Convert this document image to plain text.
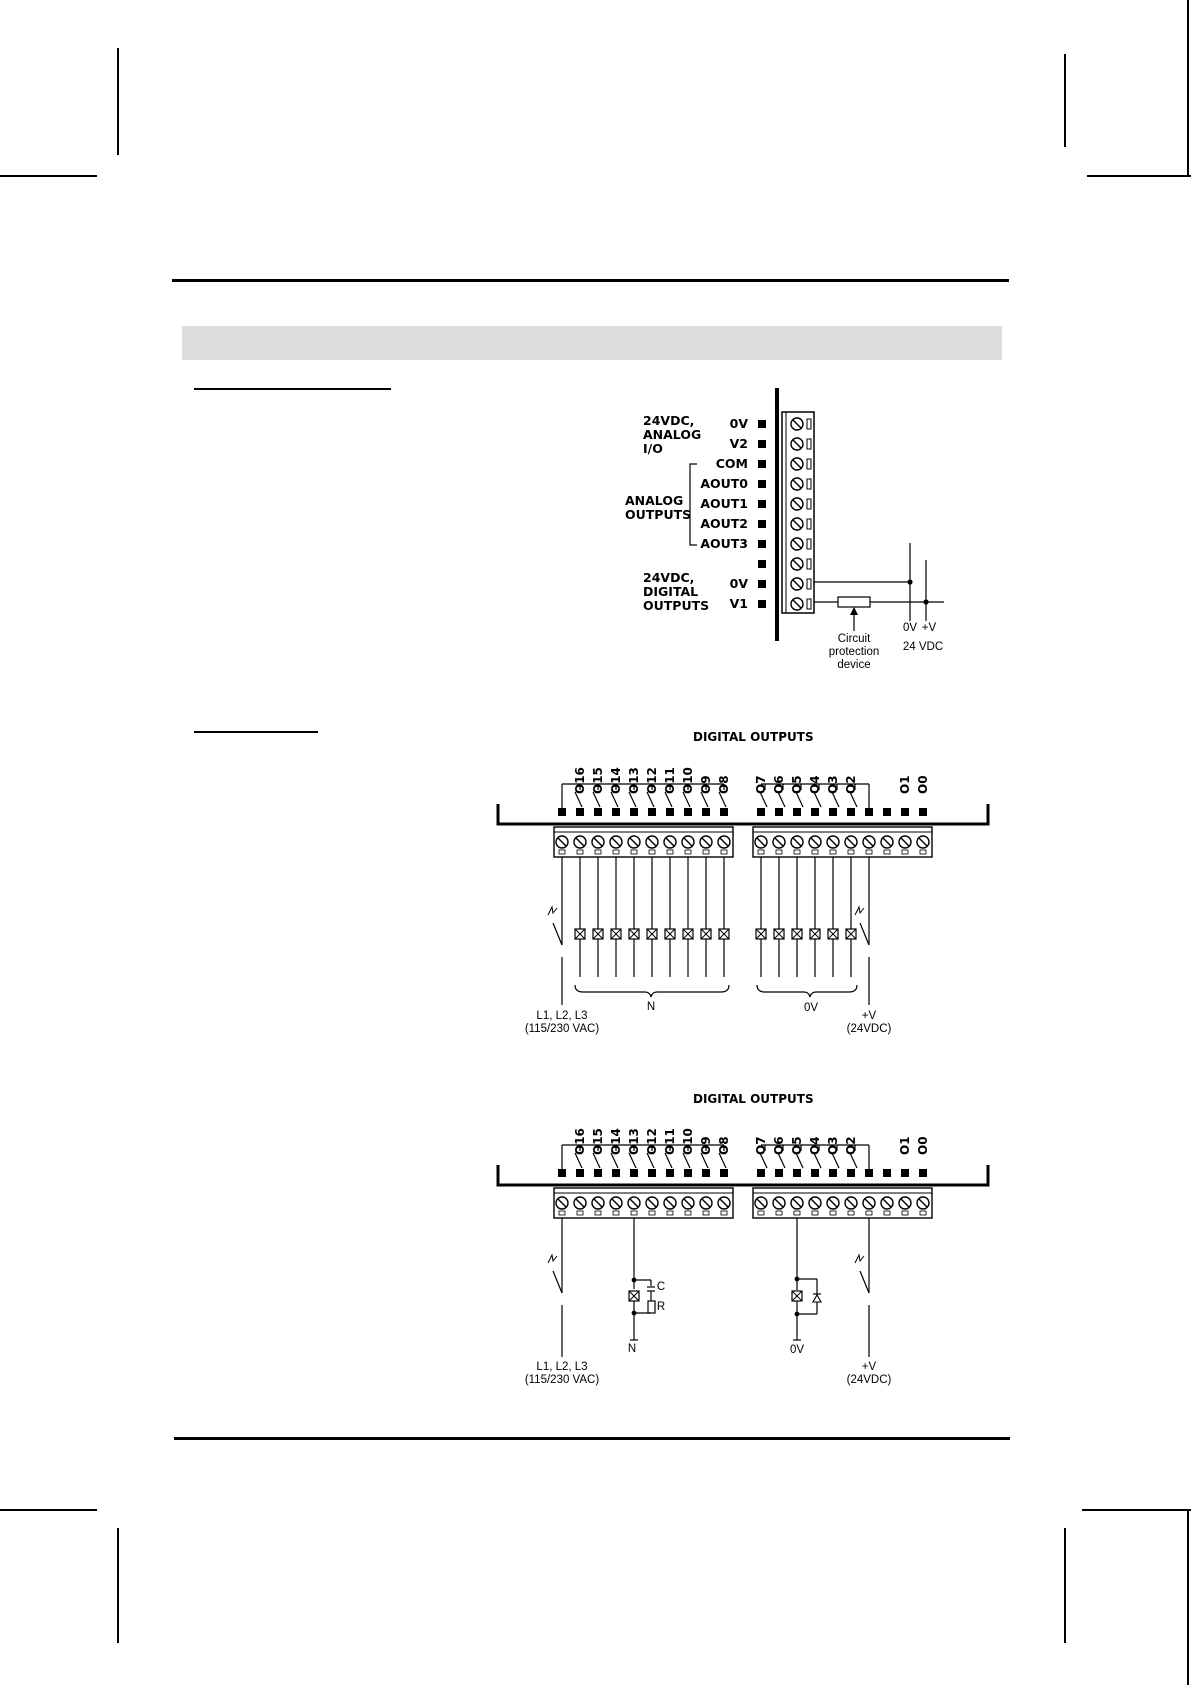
24VDC,
ANALOG
I/O
ANALOG
OUTPUTS
24VDC,
DIGITAL
OUTPUTS
0V
V2
COM
AOUT0
AOUT1
AOUT2
AOUT3
0V
V1
Circuit
protection
device
0V +V
24 VDC
DIGITAL OUTPUTS
O16 O15 O14 O13 O12 O11 O10 O9 O8 O7 O6 O5 O4 O3 O2	O1 O0
L1, L2, L3
(115/230 VAC)
N	0V
+V
(24VDC)
DIGITAL OUTPUTS
O16 O15 O14 O13 O12 O11 O10 O9 O8 O7 O6 O5 O4 O3 O2	O1 O0
L1, L2, L3
(115/230 VAC)
N	0V
+V
(24VDC)
C
R
